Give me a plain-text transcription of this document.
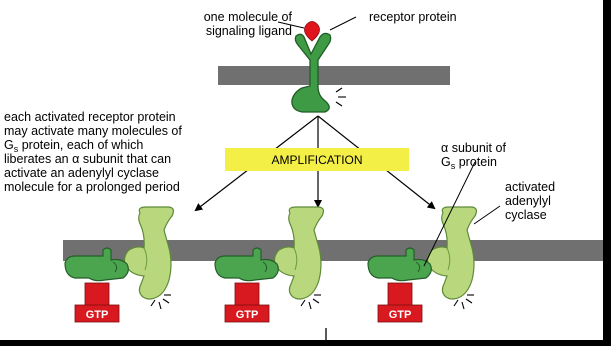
AMPLIFICATION
GTP	GTP	GTP
one molecule of
signaling ligand
receptor protein
each activated receptor protein
may activate many molecules of
$G_s$ protein, each of which
liberates an α subunit that can
activate an adenylyl cyclase
molecule for a prolonged period
α subunit of
$G_s$ protein
activated
adenylyl
cyclase
